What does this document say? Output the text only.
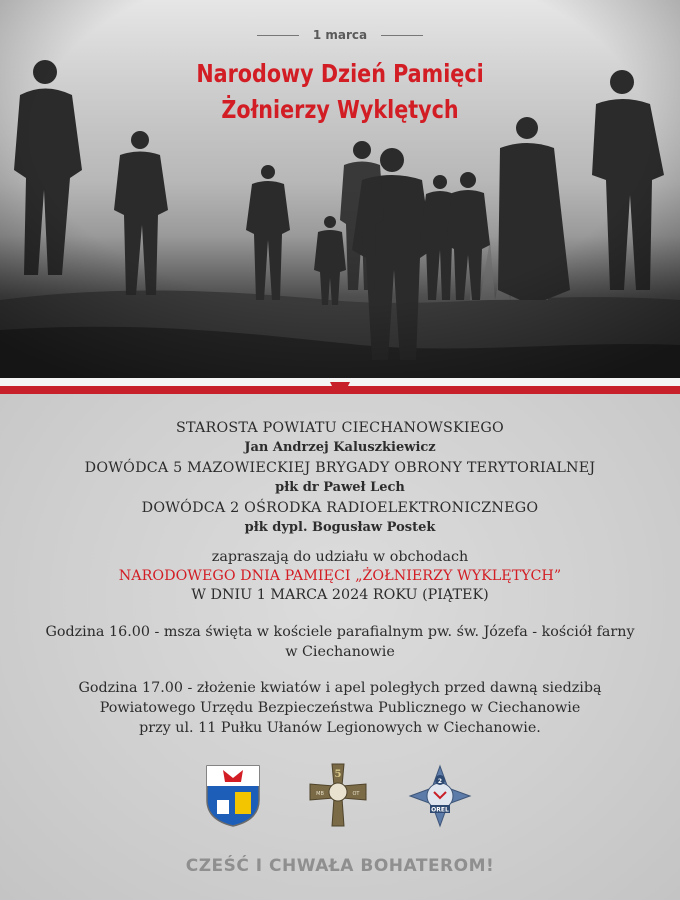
1 marca
Narodowy Dzień Pamięci
Żołnierzy Wyklętych
STAROSTA POWIATU CIECHANOWSKIEGO
Jan Andrzej Kaluszkiewicz
DOWÓDCA 5 MAZOWIECKIEJ BRYGADY OBRONY TERYTORIALNEJ
płk dr Paweł Lech
DOWÓDCA 2 OŚRODKA RADIOELEKTRONICZNEGO
płk dypl. Bogusław Postek
zapraszają do udziału w obchodach
NARODOWEGO DNIA PAMIĘCI „ŻOŁNIERZY WYKLĘTYCH”
W DNIU 1 MARCA 2024 ROKU (PIĄTEK)
Godzina 16.00 - msza święta w kościele parafialnym pw. św. Józefa - kościół farny
w Ciechanowie
Godzina 17.00 - złożenie kwiatów i apel poległych przed dawną siedzibą
Powiatowego Urzędu Bezpieczeństwa Publicznego w Ciechanowie
przy ul. 11 Pułku Ułanów Legionowych w Ciechanowie.
5
MB	OT
2
OREL
CZEŚĆ I CHWAŁA BOHATEROM!
